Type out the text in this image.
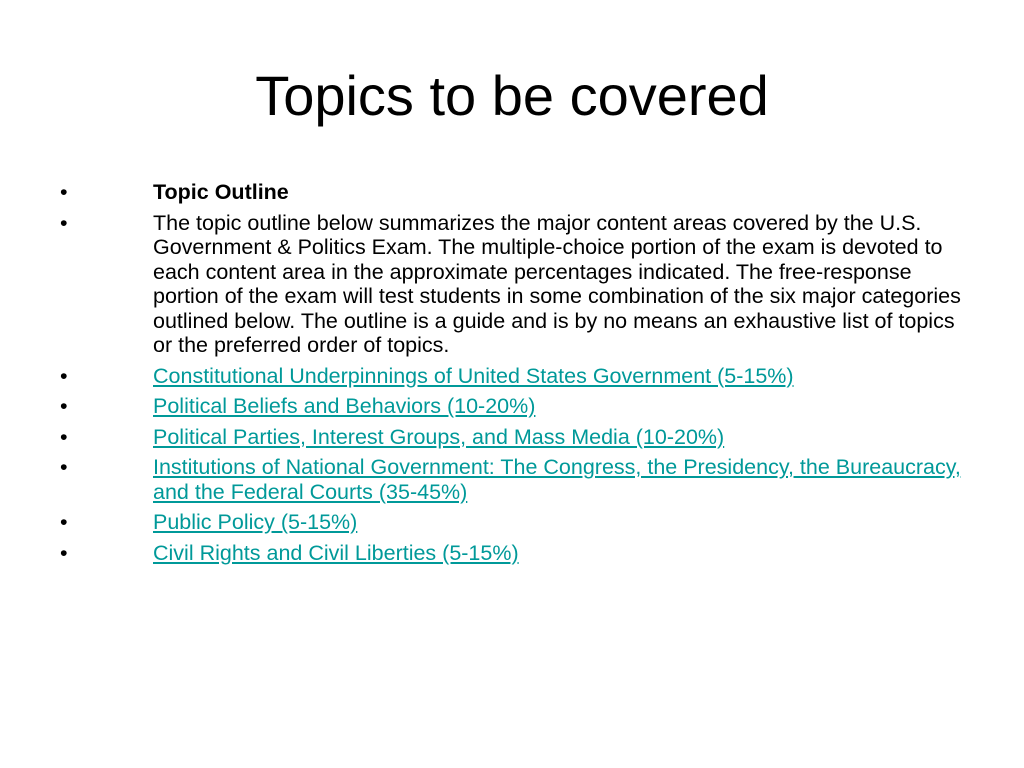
Topics to be covered
•	Topic Outline
•	The topic outline below summarizes the major content areas covered by the U.S. Government & Politics Exam. The multiple-choice portion of the exam is devoted to each content area in the approximate percentages indicated. The free-response portion of the exam will test students in some combination of the six major categories outlined below. The outline is a guide and is by no means an exhaustive list of topics or the preferred order of topics.
•	Constitutional Underpinnings of United States Government (5-15%)
•	Political Beliefs and Behaviors (10-20%)
•	Political Parties, Interest Groups, and Mass Media (10-20%)
•	Institutions of National Government: The Congress, the Presidency, the Bureaucracy, and the Federal Courts (35-45%)
•	Public Policy (5-15%)
•	Civil Rights and Civil Liberties (5-15%)
